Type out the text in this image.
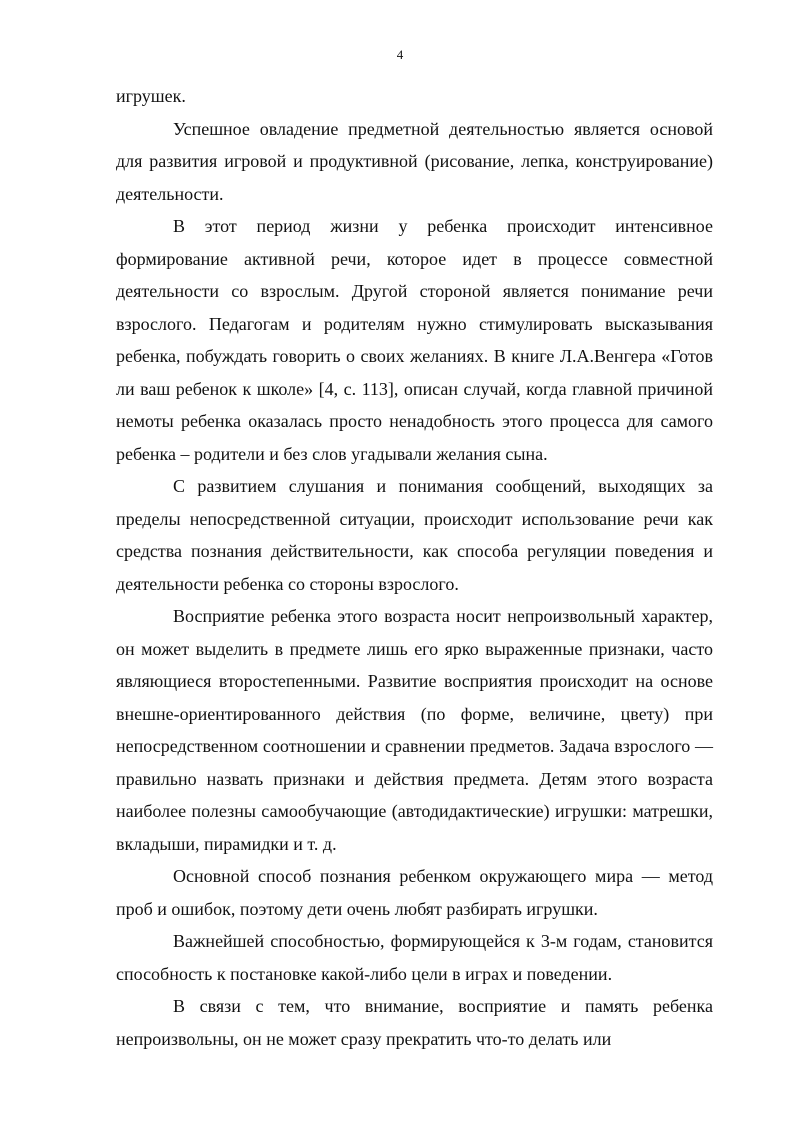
4

игрушек.

Успешное овладение предметной деятельностью является основой для развития игровой и продуктивной (рисование, лепка, конструирование) деятельности.

В этот период жизни у ребенка происходит интенсивное формирование активной речи, которое идет в процессе совместной деятельности со взрослым. Другой стороной является понимание речи взрослого. Педагогам и родителям нужно стимулировать высказывания ребенка, побуждать говорить о своих желаниях. В книге Л.А.Венгера «Готов ли ваш ребенок к школе» [4, с. 113], описан случай, когда главной причиной немоты ребенка оказалась просто ненадобность этого процесса для самого ребенка – родители и без слов угадывали желания сына.

С развитием слушания и понимания сообщений, выходящих за пределы непосредственной ситуации, происходит использование речи как средства познания действительности, как способа регуляции поведения и деятельности ребенка со стороны взрослого.

Восприятие ребенка этого возраста носит непроизвольный характер, он может выделить в предмете лишь его ярко выраженные признаки, часто являющиеся второстепенными. Развитие восприятия происходит на основе внешне-ориентированного действия (по форме, величине, цвету) при непосредственном соотношении и сравнении предметов. Задача взрослого — правильно назвать признаки и действия предмета. Детям этого возраста наиболее полезны самообучающие (автодидактические) игрушки: матрешки, вкладыши, пирамидки и т. д.

Основной способ познания ребенком окружающего мира — метод проб и ошибок, поэтому дети очень любят разбирать игрушки.

Важнейшей способностью, формирующейся к 3-м годам, становится способность к постановке какой-либо цели в играх и поведении.

В связи с тем, что внимание, восприятие и память ребенка непроизвольны, он не может сразу прекратить что-то делать или
